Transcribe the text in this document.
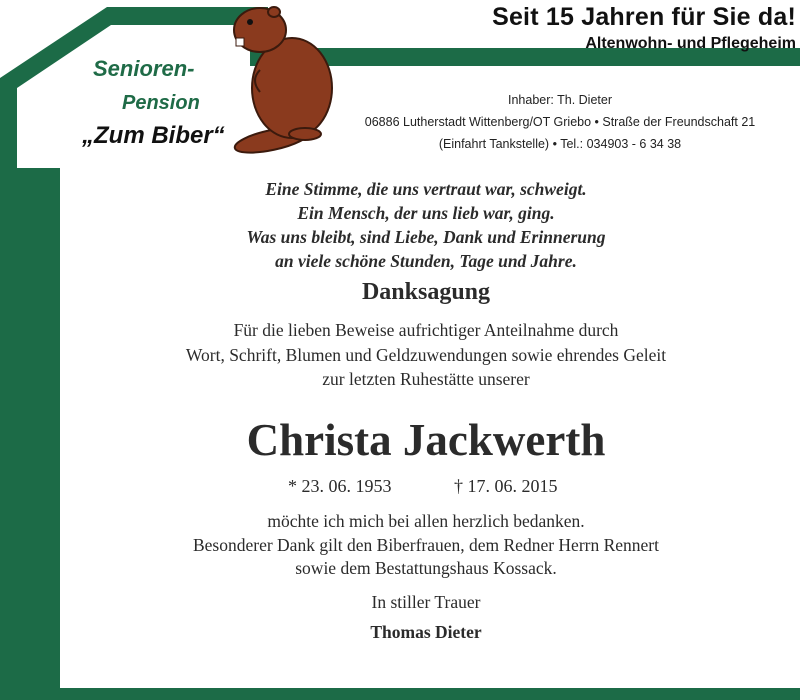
Seit 15 Jahren für Sie da!
Altenwohn- und Pflegeheim
Senioren-
Pension
„Zum Biber“
Inhaber: Th. Dieter
06886 Lutherstadt Wittenberg/OT Griebo • Straße der Freundschaft 21
(Einfahrt Tankstelle) • Tel.: 034903 - 6 34 38
Eine Stimme, die uns vertraut war, schweigt.
Ein Mensch, der uns lieb war, ging.
Was uns bleibt, sind Liebe, Dank und Erinnerung
an viele schöne Stunden, Tage und Jahre.
Danksagung
Für die lieben Beweise aufrichtiger Anteilnahme durch
Wort, Schrift, Blumen und Geldzuwendungen sowie ehrendes Geleit
zur letzten Ruhestätte unserer
Christa Jackwerth
* 23. 06. 1953	† 17. 06. 2015
möchte ich mich bei allen herzlich bedanken.
Besonderer Dank gilt den Biberfrauen, dem Redner Herrn Rennert
sowie dem Bestattungshaus Kossack.
In stiller Trauer
Thomas Dieter
